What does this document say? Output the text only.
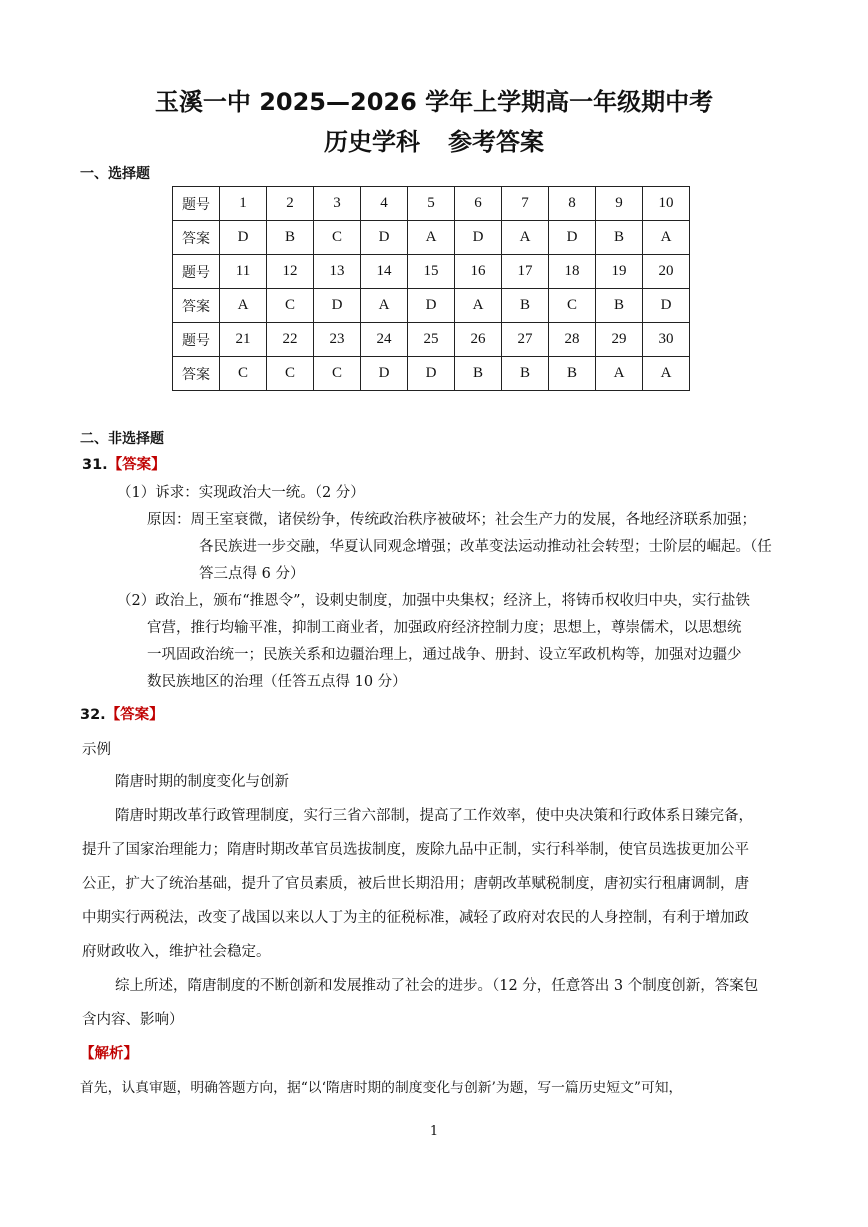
玉溪一中 2025—2026 学年上学期高一年级期中考
历史学科 参考答案
一、选择题
题号	1	2	3	4	5	6	7	8	9	10
答案	D	B	C	D	A	D	A	D	B	A
题号	11	12	13	14	15	16	17	18	19	20
答案	A	C	D	A	D	A	B	C	B	D
题号	21	22	23	24	25	26	27	28	29	30
答案	C	C	C	D	D	B	B	B	A	A
二、非选择题
31.【答案】
（1）诉求：实现政治大一统。（2 分）
原因：周王室衰微，诸侯纷争，传统政治秩序被破坏；社会生产力的发展，各地经济联系加强；
各民族进一步交融，华夏认同观念增强；改革变法运动推动社会转型；士阶层的崛起。（任
答三点得 6 分）
（2）政治上，颁布“推恩令”，设刺史制度，加强中央集权；经济上，将铸币权收归中央，实行盐铁
官营，推行均输平准，抑制工商业者，加强政府经济控制力度；思想上，尊崇儒术，以思想统
一巩固政治统一；民族关系和边疆治理上，通过战争、册封、设立军政机构等，加强对边疆少
数民族地区的治理（任答五点得 10 分）
32.【答案】
示例
隋唐时期的制度变化与创新
隋唐时期改革行政管理制度，实行三省六部制，提高了工作效率，使中央决策和行政体系日臻完备，
提升了国家治理能力；隋唐时期改革官员选拔制度，废除九品中正制，实行科举制，使官员选拔更加公平
公正，扩大了统治基础，提升了官员素质，被后世长期沿用；唐朝改革赋税制度，唐初实行租庸调制，唐
中期实行两税法，改变了战国以来以人丁为主的征税标准，减轻了政府对农民的人身控制，有利于增加政
府财政收入，维护社会稳定。
综上所述，隋唐制度的不断创新和发展推动了社会的进步。（12 分，任意答出 3 个制度创新，答案包
含内容、影响）
【解析】
首先，认真审题，明确答题方向，据“以‘隋唐时期的制度变化与创新’为题，写一篇历史短文”可知，
1
